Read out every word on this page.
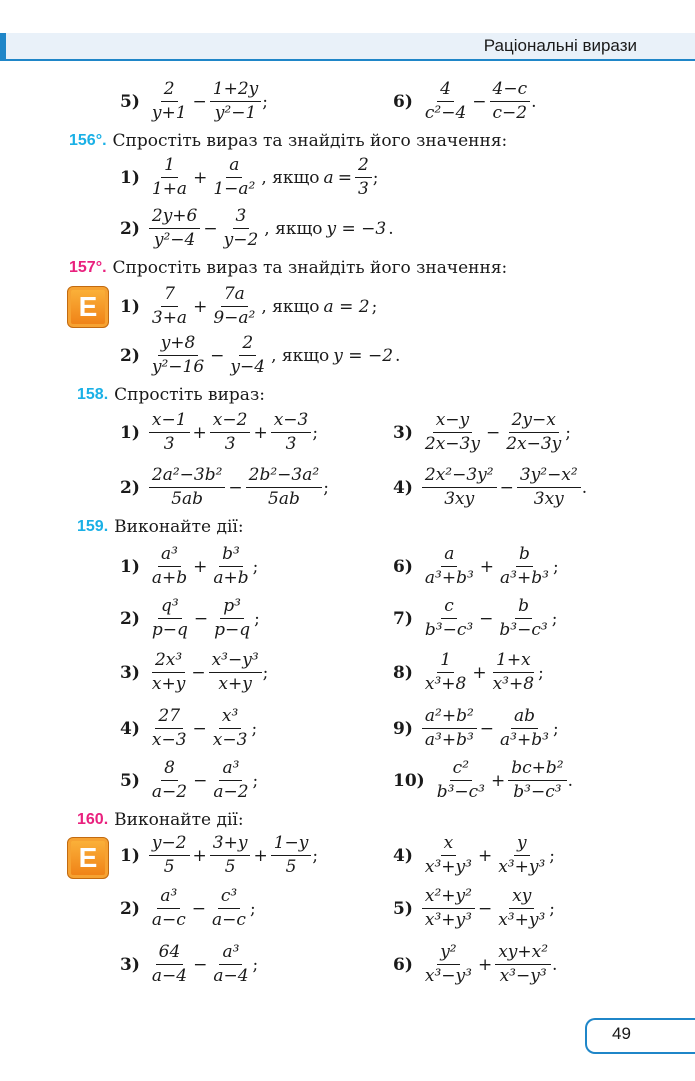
Раціональні вирази
$5) \frac{2}{y+1} - \frac{1+2y}{\text{y²−1}}$ ;	$6) \frac{4}{\text{c²−4}} - \frac{4-c}{c-2}$ .
156°. Спростіть вираз та знайдіть його значення:
$1) \frac{1}{1+a} + \frac{a}{\text{1−a²}}$ , якщо $a = \frac{2}{3}$ ;
$2) \frac{2y+6}{\text{y²−4}} - \frac{3}{y-2}$ , якщо y = −3 .
157°. Спростіть вираз та знайдіть його значення:
E	$1) \frac{7}{3+a} + \frac{7a}{\text{9−a²}}$ , якщо a = 2 ;
$2) \frac{y+8}{\text{y²−16}} - \frac{2}{y-4}$ , якщо y = −2 .
158. Спростіть вираз:
$1) \frac{x-1}{3} + \frac{x-2}{3} + \frac{x-3}{3}$ ;	$3) \frac{x-y}{2x-3y} - \frac{2y-x}{2x-3y}$ ;
$2) \frac{\text{2a²−3b²}}{5ab} - \frac{\text{2b²−3a²}}{5ab}$ ;	$4) \frac{\text{2x²−3y²}}{3xy} - \frac{\text{3y²−x²}}{3xy}$ .
159. Виконайте дії:
$1) \frac{\text{a³}}{a+b} + \frac{\text{b³}}{a+b}$ ;	$6) \frac{a}{\text{a³+b³}} + \frac{b}{\text{a³+b³}}$ ;
$2) \frac{\text{q³}}{p-q} - \frac{\text{p³}}{p-q}$ ;	$7) \frac{c}{\text{b³−c³}} - \frac{b}{\text{b³−c³}}$ ;
$3) \frac{\text{2x³}}{x+y} - \frac{\text{x³−y³}}{x+y}$ ;	$8) \frac{1}{\text{x³+8}} + \frac{1+x}{\text{x³+8}}$ ;
$4) \frac{27}{x-3} - \frac{\text{x³}}{x-3}$ ;	$9) \frac{\text{a²+b²}}{\text{a³+b³}} - \frac{ab}{\text{a³+b³}}$ ;
$5) \frac{8}{a-2} - \frac{\text{a³}}{a-2}$ ;	$10) \frac{\text{c²}}{\text{b³−c³}} + \frac{\text{bc+b²}}{\text{b³−c³}}$ .
160. Виконайте дії:
E	$1) \frac{y-2}{5} + \frac{3+y}{5} + \frac{1-y}{5}$ ;	$4) \frac{x}{\text{x³+y³}} + \frac{y}{\text{x³+y³}}$ ;
$2) \frac{\text{a³}}{a-c} - \frac{\text{c³}}{a-c}$ ;	$5) \frac{\text{x²+y²}}{\text{x³+y³}} - \frac{xy}{\text{x³+y³}}$ ;
$3) \frac{64}{a-4} - \frac{\text{a³}}{a-4}$ ;	$6) \frac{\text{y²}}{\text{x³−y³}} + \frac{\text{xy+x²}}{\text{x³−y³}}$ .
49
